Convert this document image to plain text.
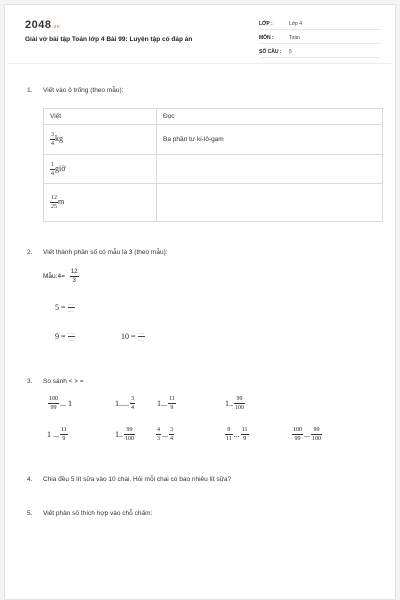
2048.vn
Giải vở bài tập Toán lớp 4 Bài 99: Luyện tập có đáp án
LỚP :	Lớp 4
MÔN :	Toán
SỐ CÂU : 5
1. Viết vào ô trống (theo mẫu):
Viết	Đọc

$\frac{3}{4}$ kg	Ba phần tư ki-lô-gam

$\frac{1}{4}$ giờ	

$\frac{12}{25}$ m	
2. Viết thành phần số có mẫu là 3 (theo mẫu):
Mẫu:4= $\frac{12}{3}$
5 = .......
......
9 = .......
......	10 = .......
......
3. So sánh < > =
$\frac{100}{99}$ ... 1	1 ..... $\frac{3}{4}$	1 ... $\frac{11}{9}$	1 .. $\frac{99}{100}$
1 ... $\frac{11}{9}$	1 .. $\frac{99}{100}$	$\frac{4}{3}$ ... $\frac{3}{4}$	$\frac{9}{11}$ ... $\frac{11}{9}$	$\frac{100}{99}$ ... $\frac{99}{100}$
4. Chia đều 5 lít sữa vào 10 chai. Hỏi mỗi chai có bao nhiêu lít sữa?
5. Viết phân số thích hợp vào chỗ chấm:
